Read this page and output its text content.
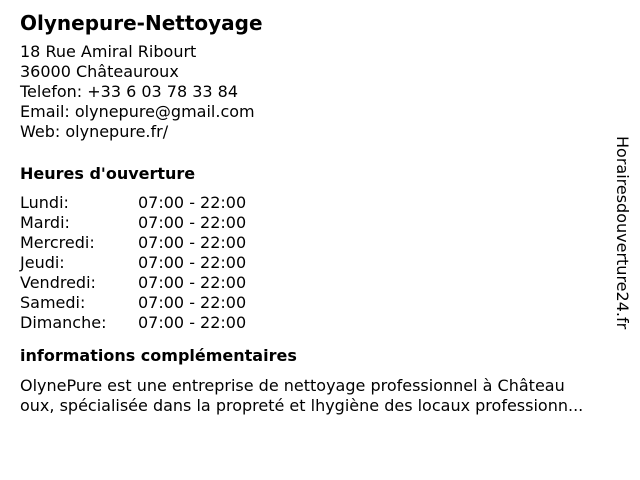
Olynepure-Nettoyage
18 Rue Amiral Ribourt
36000 Châteauroux
Telefon: +33 6 03 78 33 84
Email: olynepure@gmail.com
Web: olynepure.fr/
Heures d'ouverture
Lundi:	07:00 - 22:00
Mardi:	07:00 - 22:00
Mercredi:	07:00 - 22:00
Jeudi:	07:00 - 22:00
Vendredi:	07:00 - 22:00
Samedi:	07:00 - 22:00
Dimanche:	07:00 - 22:00
informations complémentaires
OlynePure est une entreprise de nettoyage professionnel à Château
oux, spécialisée dans la propreté et lhygiène des locaux professionn...
Horairesdouverture24.fr
